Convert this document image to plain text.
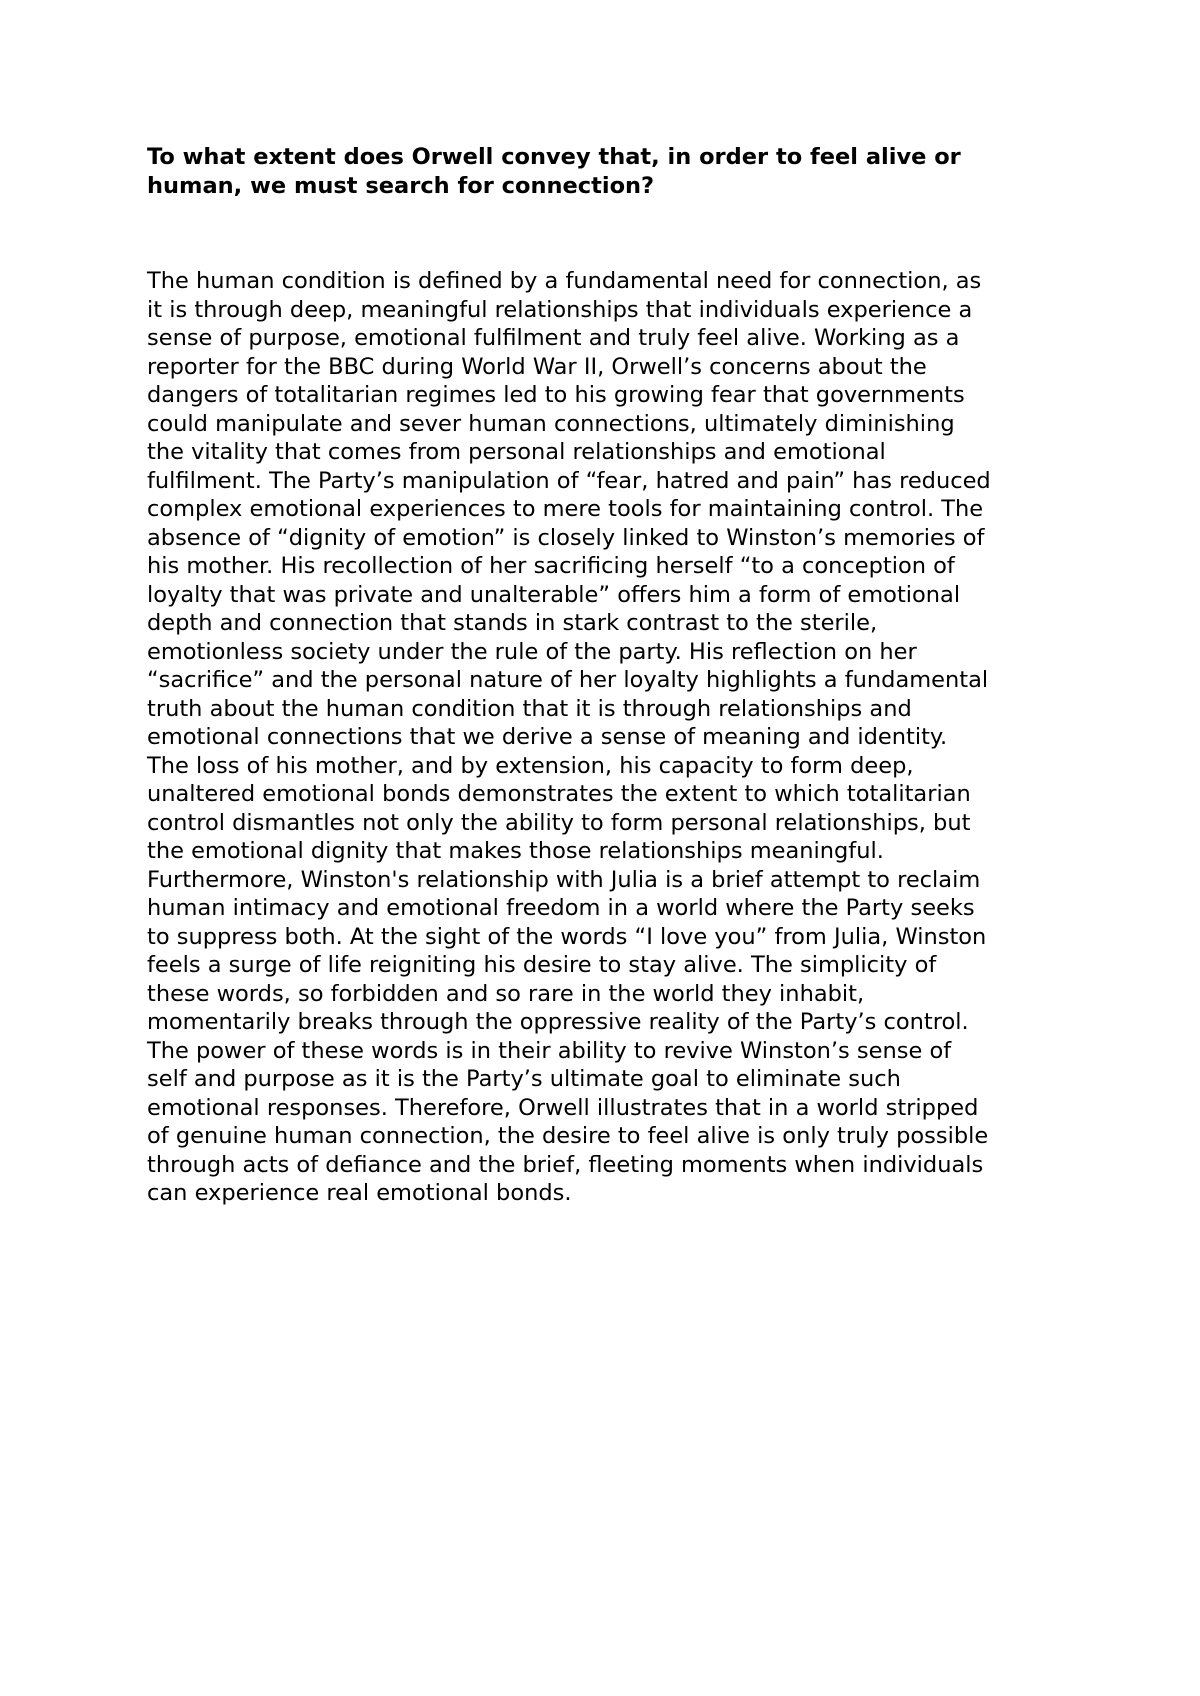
To what extent does Orwell convey that, in order to feel alive or
human, we must search for connection?

The human condition is defined by a fundamental need for connection, as
it is through deep, meaningful relationships that individuals experience a
sense of purpose, emotional fulfilment and truly feel alive. Working as a
reporter for the BBC during World War II, Orwell’s concerns about the
dangers of totalitarian regimes led to his growing fear that governments
could manipulate and sever human connections, ultimately diminishing
the vitality that comes from personal relationships and emotional
fulfilment. The Party’s manipulation of “fear, hatred and pain” has reduced
complex emotional experiences to mere tools for maintaining control. The
absence of “dignity of emotion” is closely linked to Winston’s memories of
his mother. His recollection of her sacrificing herself “to a conception of
loyalty that was private and unalterable” offers him a form of emotional
depth and connection that stands in stark contrast to the sterile,
emotionless society under the rule of the party. His reflection on her
“sacrifice” and the personal nature of her loyalty highlights a fundamental
truth about the human condition that it is through relationships and
emotional connections that we derive a sense of meaning and identity.
The loss of his mother, and by extension, his capacity to form deep,
unaltered emotional bonds demonstrates the extent to which totalitarian
control dismantles not only the ability to form personal relationships, but
the emotional dignity that makes those relationships meaningful.
Furthermore, Winston's relationship with Julia is a brief attempt to reclaim
human intimacy and emotional freedom in a world where the Party seeks
to suppress both. At the sight of the words “I love you” from Julia, Winston
feels a surge of life reigniting his desire to stay alive. The simplicity of
these words, so forbidden and so rare in the world they inhabit,
momentarily breaks through the oppressive reality of the Party’s control.
The power of these words is in their ability to revive Winston’s sense of
self and purpose as it is the Party’s ultimate goal to eliminate such
emotional responses. Therefore, Orwell illustrates that in a world stripped
of genuine human connection, the desire to feel alive is only truly possible
through acts of defiance and the brief, fleeting moments when individuals
can experience real emotional bonds.
